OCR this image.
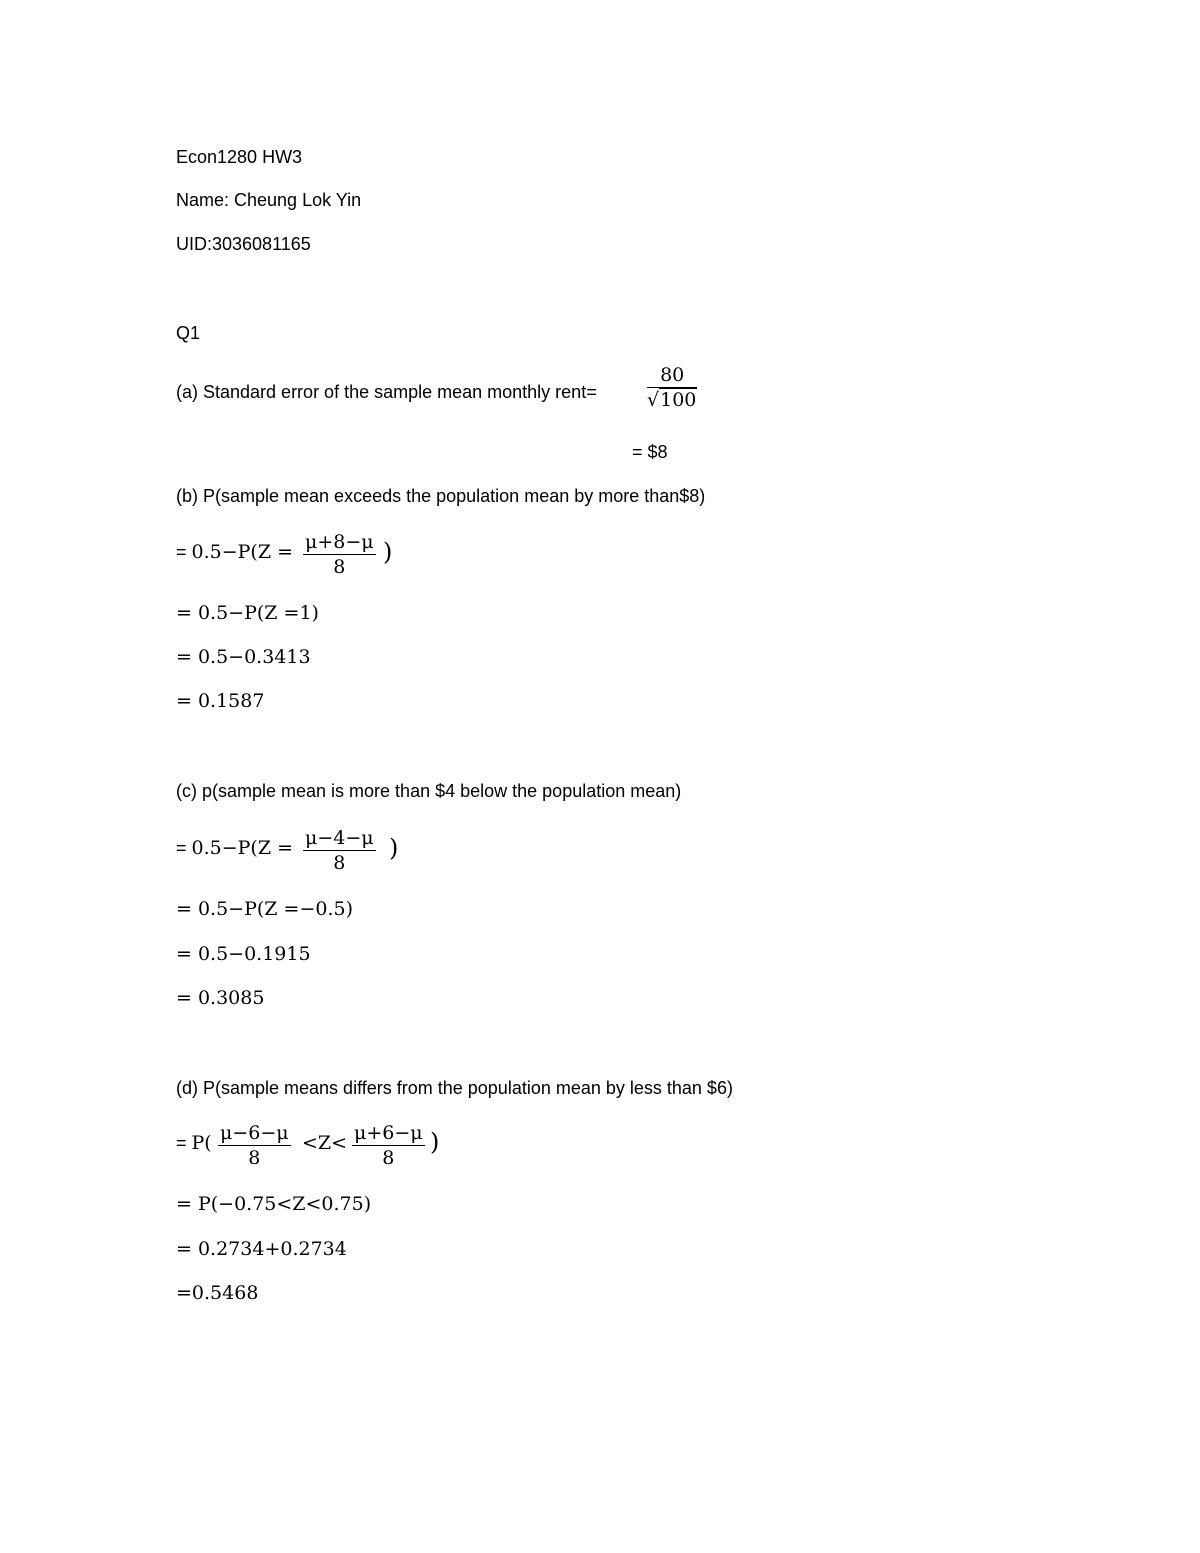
Econ1280 HW3
Name: Cheung Lok Yin
UID:3036081165
Q1
(a) Standard error of the sample mean monthly rent=	$\frac{80}{√100}$
= $8
(b) P(sample mean exceeds the population mean by more than$8)
= $0.5-P(Z = \frac{\mu+8-\mu}{8}$ )
= 0.5−P(Z =1)
= 0.5−0.3413
= 0.1587
(c) p(sample mean is more than $4 below the population mean)
= $0.5-P(Z = \frac{\mu-4-\mu}{8}$ )
= 0.5−P(Z =−0.5)
= 0.5−0.1915
= 0.3085
(d) P(sample means differs from the population mean by less than $6)
= $P( \frac{\mu-6-\mu}{8} <Z< \frac{\mu+6-\mu}{8}$ )
= P(−0.75<Z<0.75)
= 0.2734+0.2734
=0.5468
